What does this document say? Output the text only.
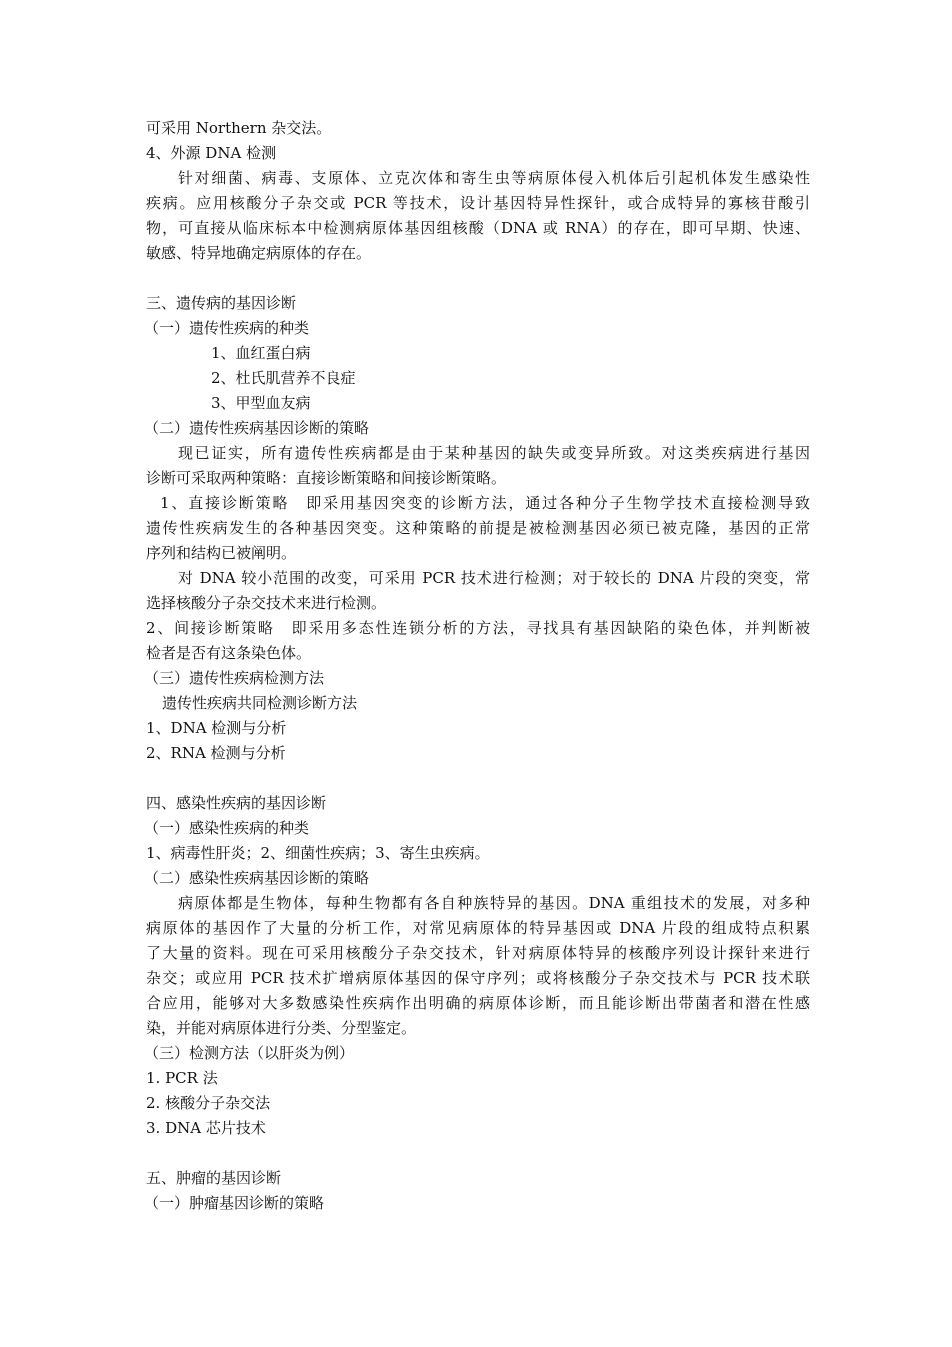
可采用 Northern 杂交法。
4、外源 DNA 检测
针对细菌、病毒、支原体、立克次体和寄生虫等病原体侵入机体后引起机体发生感染性
疾病。应用核酸分子杂交或 PCR 等技术，设计基因特异性探针，或合成特异的寡核苷酸引
物，可直接从临床标本中检测病原体基因组核酸（DNA 或 RNA）的存在，即可早期、快速、
敏感、特异地确定病原体的存在。
三、遗传病的基因诊断
（一）遗传性疾病的种类
1、血红蛋白病
2、杜氏肌营养不良症
3、甲型血友病
（二）遗传性疾病基因诊断的策略
现已证实，所有遗传性疾病都是由于某种基因的缺失或变异所致。对这类疾病进行基因
诊断可采取两种策略：直接诊断策略和间接诊断策略。
1、直接诊断策略　即采用基因突变的诊断方法，通过各种分子生物学技术直接检测导致
遗传性疾病发生的各种基因突变。这种策略的前提是被检测基因必须已被克隆，基因的正常
序列和结构已被阐明。
对 DNA 较小范围的改变，可采用 PCR 技术进行检测；对于较长的 DNA 片段的突变，常
选择核酸分子杂交技术来进行检测。
2、间接诊断策略　即采用多态性连锁分析的方法，寻找具有基因缺陷的染色体，并判断被
检者是否有这条染色体。
（三）遗传性疾病检测方法
遗传性疾病共同检测诊断方法
1、DNA 检测与分析
2、RNA 检测与分析
四、感染性疾病的基因诊断
（一）感染性疾病的种类
1、病毒性肝炎；2、细菌性疾病；3、寄生虫疾病。
（二）感染性疾病基因诊断的策略
病原体都是生物体，每种生物都有各自种族特异的基因。DNA 重组技术的发展，对多种
病原体的基因作了大量的分析工作，对常见病原体的特异基因或 DNA 片段的组成特点积累
了大量的资料。现在可采用核酸分子杂交技术，针对病原体特异的核酸序列设计探针来进行
杂交；或应用 PCR 技术扩增病原体基因的保守序列；或将核酸分子杂交技术与 PCR 技术联
合应用，能够对大多数感染性疾病作出明确的病原体诊断，而且能诊断出带菌者和潜在性感
染，并能对病原体进行分类、分型鉴定。
（三）检测方法（以肝炎为例）
1. PCR 法
2. 核酸分子杂交法
3. DNA 芯片技术
五、肿瘤的基因诊断
（一）肿瘤基因诊断的策略
